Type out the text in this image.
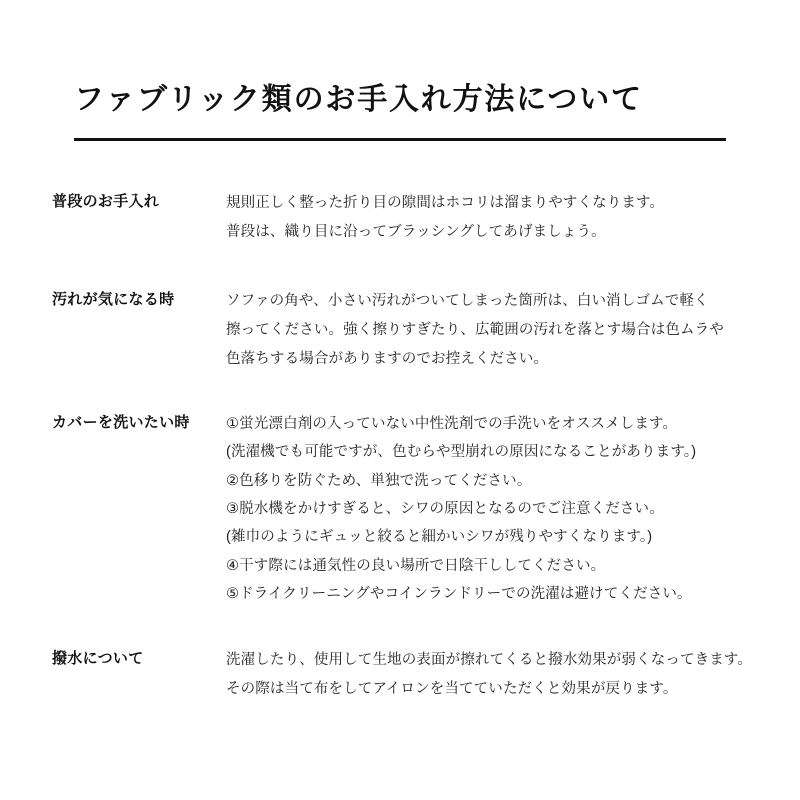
ファブリック類のお手入れ方法について
普段のお手入れ	規則正しく整った折り目の隙間はホコリは溜まりやすくなります。
普段は、織り目に沿ってブラッシングしてあげましょう。
汚れが気になる時	ソファの角や、小さい汚れがついてしまった箇所は、白い消しゴムで軽く
擦ってください。強く擦りすぎたり、広範囲の汚れを落とす場合は色ムラや
色落ちする場合がありますのでお控えください。
カバーを洗いたい時	①蛍光漂白剤の入っていない中性洗剤での手洗いをオススメします。
(洗濯機でも可能ですが、色むらや型崩れの原因になることがあります。)
②色移りを防ぐため、単独で洗ってください。
③脱水機をかけすぎると、シワの原因となるのでご注意ください。
(雑巾のようにギュッと絞ると細かいシワが残りやすくなります。)
④干す際には通気性の良い場所で日陰干ししてください。
⑤ドライクリーニングやコインランドリーでの洗濯は避けてください。
撥水について	洗濯したり、使用して生地の表面が擦れてくると撥水効果が弱くなってきます。
その際は当て布をしてアイロンを当てていただくと効果が戻ります。
